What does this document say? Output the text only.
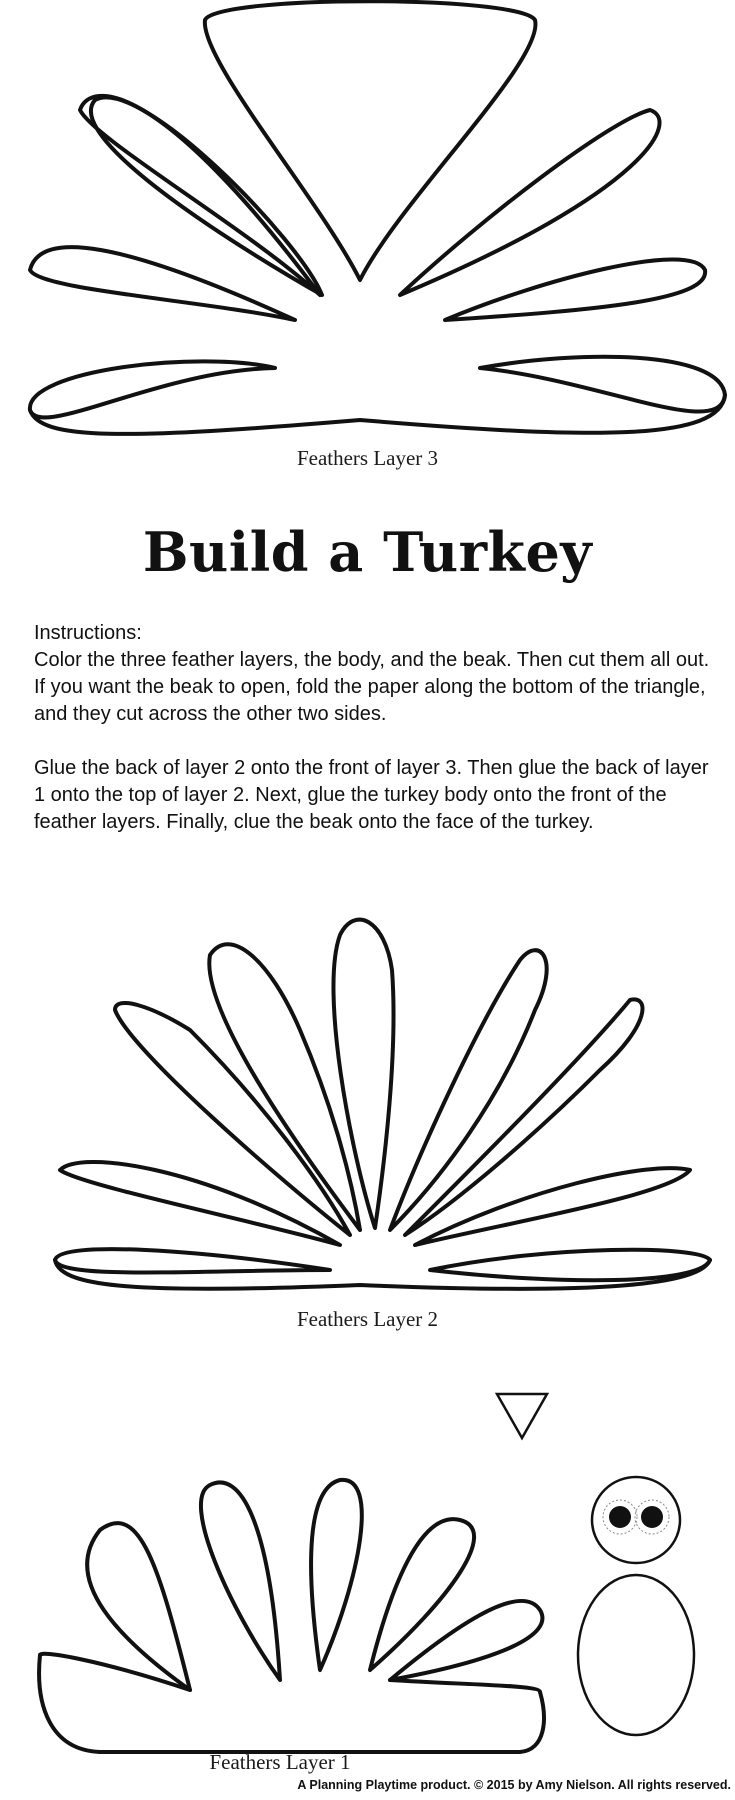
Feathers Layer 3
Build a Turkey

Instructions:

Color the three feather layers, the body, and the beak. Then cut them all out. If you want the beak to open, fold the paper along the bottom of the triangle, and they cut across the other two sides.

Glue the back of layer 2 onto the front of layer 3. Then glue the back of layer 1 onto the top of layer 2. Next, glue the turkey body onto the front of the feather layers. Finally, clue the beak onto the face of the turkey.

Feathers Layer 2
Feathers Layer 1
A Planning Playtime product. © 2015 by Amy Nielson. All rights reserved.
